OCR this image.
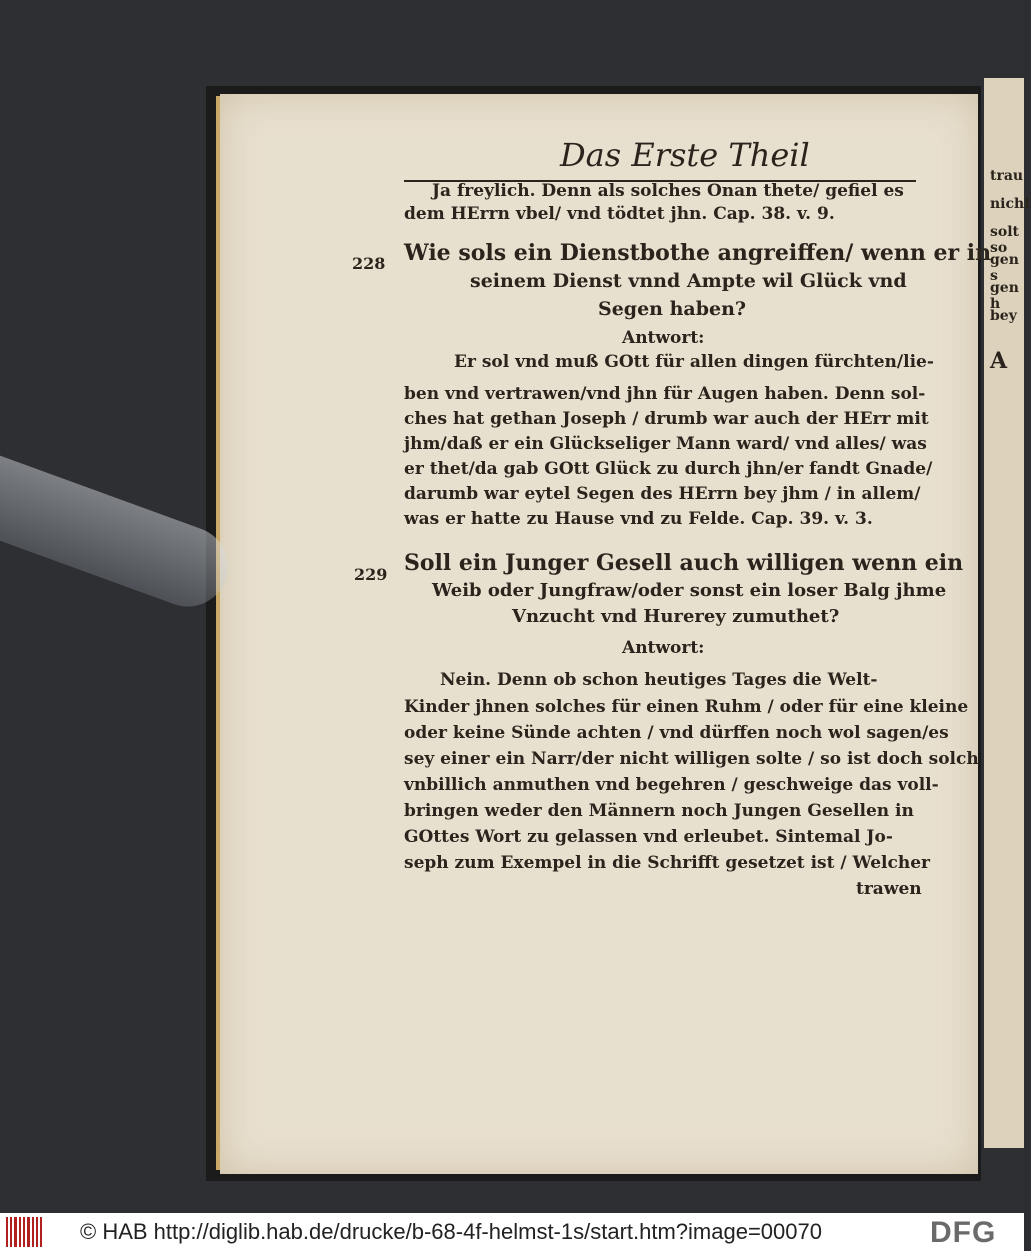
trau
nicht
solt so
gen s
gen h
bey
A
Das Erste Theil
Ja freylich. Denn als solches Onan thete/ gefiel es
dem HErrn vbel/ vnd tödtet jhn. Cap. 38. v. 9.
228 Wie sols ein Dienstbothe angreiffen/ wenn er in
seinem Dienst vnnd Ampte wil Glück vnd
Segen haben?
Antwort:
Er sol vnd muß GOtt für allen dingen fürchten/lie-
ben vnd vertrawen/vnd jhn für Augen haben. Denn sol-
ches hat gethan Joseph / drumb war auch der HErr mit
jhm/daß er ein Glückseliger Mann ward/ vnd alles/ was
er thet/da gab GOtt Glück zu durch jhn/er fandt Gnade/
darumb war eytel Segen des HErrn bey jhm / in allem/
was er hatte zu Hause vnd zu Felde. Cap. 39. v. 3.
229 Soll ein Junger Gesell auch willigen wenn ein
Weib oder Jungfraw/oder sonst ein loser Balg jhme
Vnzucht vnd Hurerey zumuthet?
Antwort:
Nein. Denn ob schon heutiges Tages die Welt-
Kinder jhnen solches für einen Ruhm / oder für eine kleine
oder keine Sünde achten / vnd dürffen noch wol sagen/es
sey einer ein Narr/der nicht willigen solte / so ist doch solch
vnbillich anmuthen vnd begehren / geschweige das voll-
bringen weder den Männern noch Jungen Gesellen in
GOttes Wort zu gelassen vnd erleubet. Sintemal Jo-
seph zum Exempel in die Schrifft gesetzet ist / Welcher
trawen
© HAB http://diglib.hab.de/drucke/b-68-4f-helmst-1s/start.htm?image=00070	DFG
